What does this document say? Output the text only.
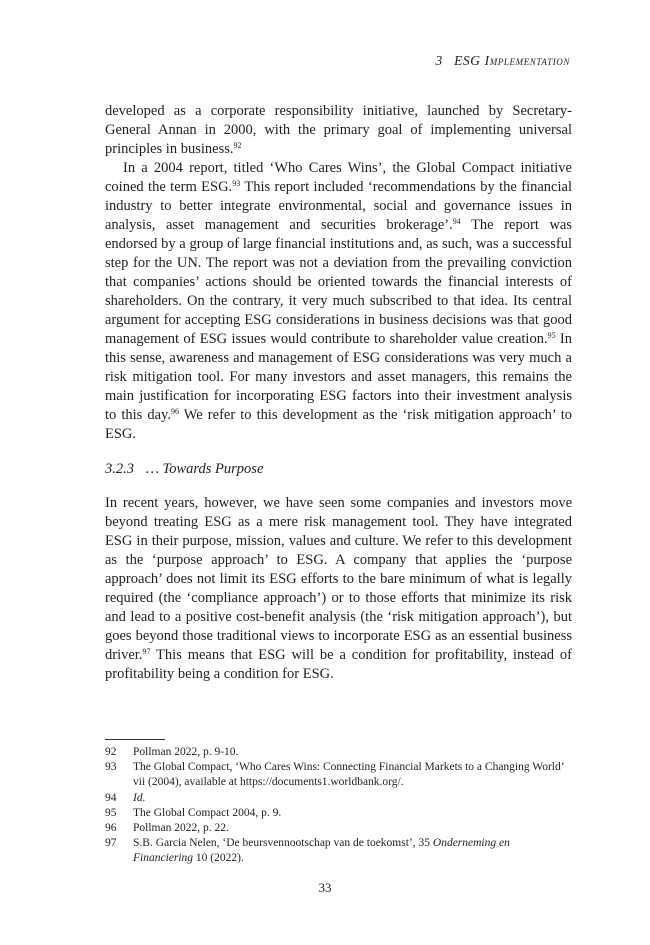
3 ESG Implementation

developed as a corporate responsibility initiative, launched by Secretary-General Annan in 2000, with the primary goal of implementing universal principles in business.$^{92}$

In a 2004 report, titled ‘Who Cares Wins’, the Global Compact initiative coined the term ESG.$^{93}$ This report included ‘recommendations by the financial industry to better integrate environmental, social and governance issues in analysis, asset management and securities brokerage’.$^{94}$ The report was endorsed by a group of large financial institutions and, as such, was a successful step for the UN. The report was not a deviation from the prevailing conviction that companies’ actions should be oriented towards the financial interests of shareholders. On the contrary, it very much subscribed to that idea. Its central argument for accepting ESG considerations in business decisions was that good management of ESG issues would contribute to shareholder value creation.$^{95}$ In this sense, awareness and management of ESG considerations was very much a risk mitigation tool. For many investors and asset managers, this remains the main justification for incorporating ESG factors into their investment analysis to this day.$^{96}$ We refer to this development as the ‘risk mitigation approach’ to ESG.

3.2.3 … Towards Purpose

In recent years, however, we have seen some companies and investors move beyond treating ESG as a mere risk management tool. They have integrated ESG in their purpose, mission, values and culture. We refer to this development as the ‘purpose approach’ to ESG. A company that applies the ‘purpose approach’ does not limit its ESG efforts to the bare minimum of what is legally required (the ‘compliance approach’) or to those efforts that minimize its risk and lead to a positive cost-benefit analysis (the ‘risk mitigation approach’), but goes beyond those traditional views to incorporate ESG as an essential business driver.$^{97}$ This means that ESG will be a condition for profitability, instead of profitability being a condition for ESG.

92	Pollman 2022, p. 9-10.
93	The Global Compact, ‘Who Cares Wins: Connecting Financial Markets to a Changing World’ vii (2004), available at https://documents1.worldbank.org/.
94	Id.
95	The Global Compact 2004, p. 9.
96	Pollman 2022, p. 22.
97	S.B. Garcia Nelen, ‘De beursvennootschap van de toekomst’, 35 Onderneming en Financiering 10 (2022).
33
